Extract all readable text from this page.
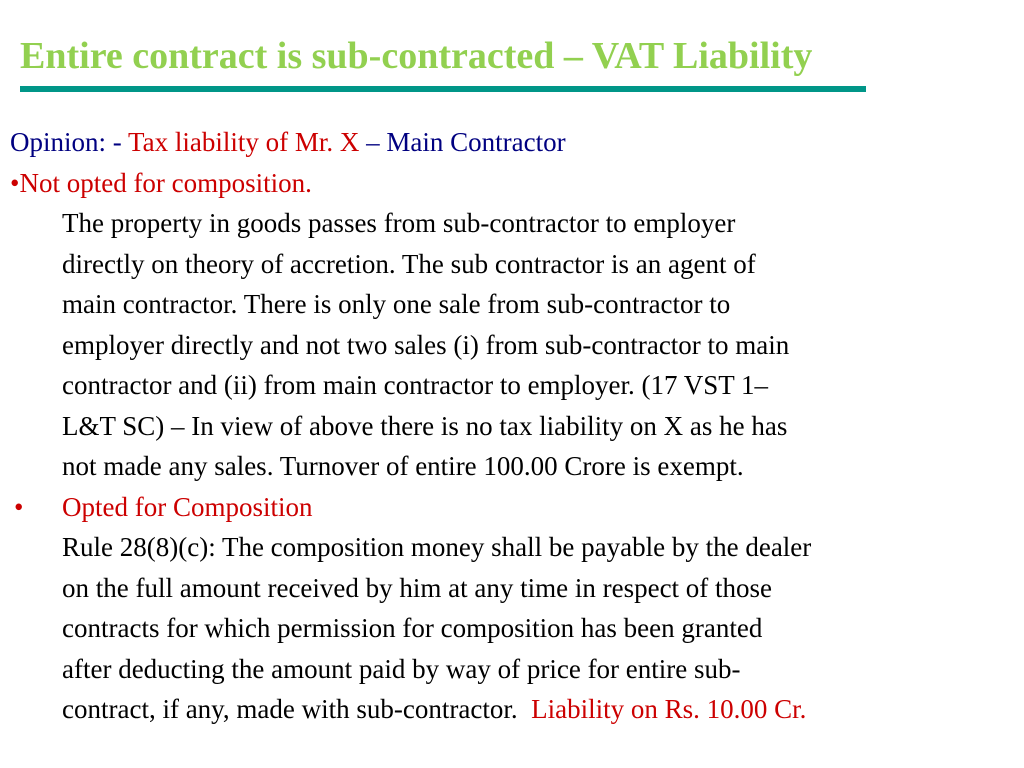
Entire contract is sub-contracted – VAT Liability
Opinion: - Tax liability of Mr. X – Main Contractor
•Not opted for composition.
The property in goods passes from sub-contractor to employer
directly on theory of accretion. The sub contractor is an agent of
main contractor. There is only one sale from sub-contractor to
employer directly and not two sales (i) from sub-contractor to main
contractor and (ii) from main contractor to employer. (17 VST 1–
L&T SC) – In view of above there is no tax liability on X as he has
not made any sales. Turnover of entire 100.00 Crore is exempt.
• Opted for Composition
Rule 28(8)(c): The composition money shall be payable by the dealer
on the full amount received by him at any time in respect of those
contracts for which permission for composition has been granted
after deducting the amount paid by way of price for entire sub-
contract, if any, made with sub-contractor.  Liability on Rs. 10.00 Cr.
